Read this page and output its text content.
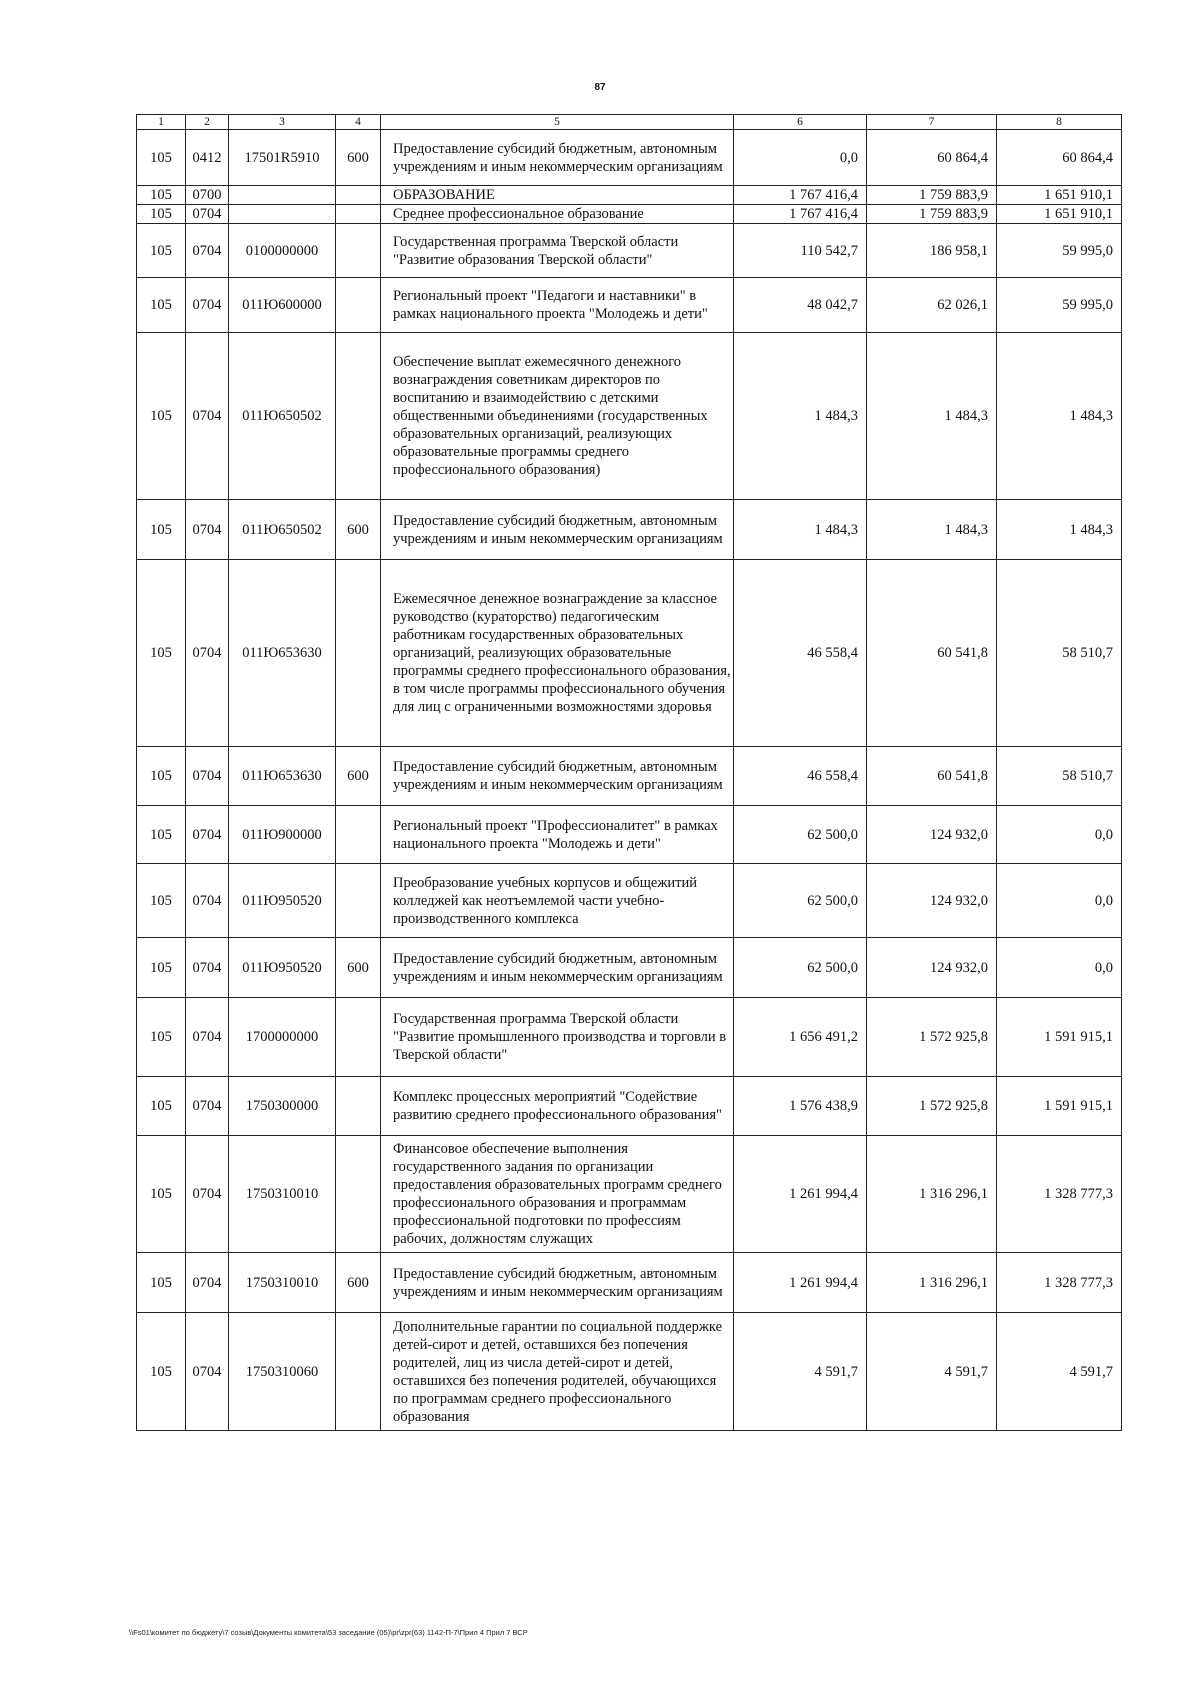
87
1	2	3	4	5	6	7	8
105	0412	17501R5910	600	Предоставление субсидий бюджетным, автономным учреждениям и иным некоммерческим организациям	0,0	60 864,4	60 864,4
105	0700			ОБРАЗОВАНИЕ	1 767 416,4	1 759 883,9	1 651 910,1
105	0704			Среднее профессиональное образование	1 767 416,4	1 759 883,9	1 651 910,1
105	0704	0100000000		Государственная программа Тверской области "Развитие образования Тверской области"	110 542,7	186 958,1	59 995,0
105	0704	011Ю600000		Региональный проект "Педагоги и наставники" в рамках национального проекта "Молодежь и дети"	48 042,7	62 026,1	59 995,0
105	0704	011Ю650502		Обеспечение выплат ежемесячного денежного вознаграждения советникам директоров по воспитанию и взаимодействию с детскими общественными объединениями (государственных образовательных организаций, реализующих образовательные программы среднего профессионального образования)	1 484,3	1 484,3	1 484,3
105	0704	011Ю650502	600	Предоставление субсидий бюджетным, автономным учреждениям и иным некоммерческим организациям	1 484,3	1 484,3	1 484,3
105	0704	011Ю653630		Ежемесячное денежное вознаграждение за классное руководство (кураторство) педагогическим работникам государственных образовательных организаций, реализующих образовательные программы среднего профессионального образования, в том числе программы профессионального обучения для лиц с ограниченными возможностями здоровья	46 558,4	60 541,8	58 510,7
105	0704	011Ю653630	600	Предоставление субсидий бюджетным, автономным учреждениям и иным некоммерческим организациям	46 558,4	60 541,8	58 510,7
105	0704	011Ю900000		Региональный проект "Профессионалитет" в рамках национального проекта "Молодежь и дети"	62 500,0	124 932,0	0,0
105	0704	011Ю950520		Преобразование учебных корпусов и общежитий колледжей как неотъемлемой части учебно-производственного комплекса	62 500,0	124 932,0	0,0
105	0704	011Ю950520	600	Предоставление субсидий бюджетным, автономным учреждениям и иным некоммерческим организациям	62 500,0	124 932,0	0,0
105	0704	1700000000		Государственная программа Тверской области "Развитие промышленного производства и торговли в Тверской области"	1 656 491,2	1 572 925,8	1 591 915,1
105	0704	1750300000		Комплекс процессных мероприятий "Содействие развитию среднего профессионального образования"	1 576 438,9	1 572 925,8	1 591 915,1
105	0704	1750310010		Финансовое обеспечение выполнения государственного задания по организации предоставления образовательных программ среднего профессионального образования и программам профессиональной подготовки по профессиям рабочих, должностям служащих	1 261 994,4	1 316 296,1	1 328 777,3
105	0704	1750310010	600	Предоставление субсидий бюджетным, автономным учреждениям и иным некоммерческим организациям	1 261 994,4	1 316 296,1	1 328 777,3
105	0704	1750310060		Дополнительные гарантии по социальной поддержке детей-сирот и детей, оставшихся без попечения родителей, лиц из числа детей-сирот и детей, оставшихся без попечения родителей, обучающихся по программам среднего профессионального образования	4 591,7	4 591,7	4 591,7
\\Fs01\комитет по бюджету\7 созыв\Документы комитета\53 заседание (05)\pr\zpr(63) 1142-П-7\Прил 4 Прил 7 ВСР
